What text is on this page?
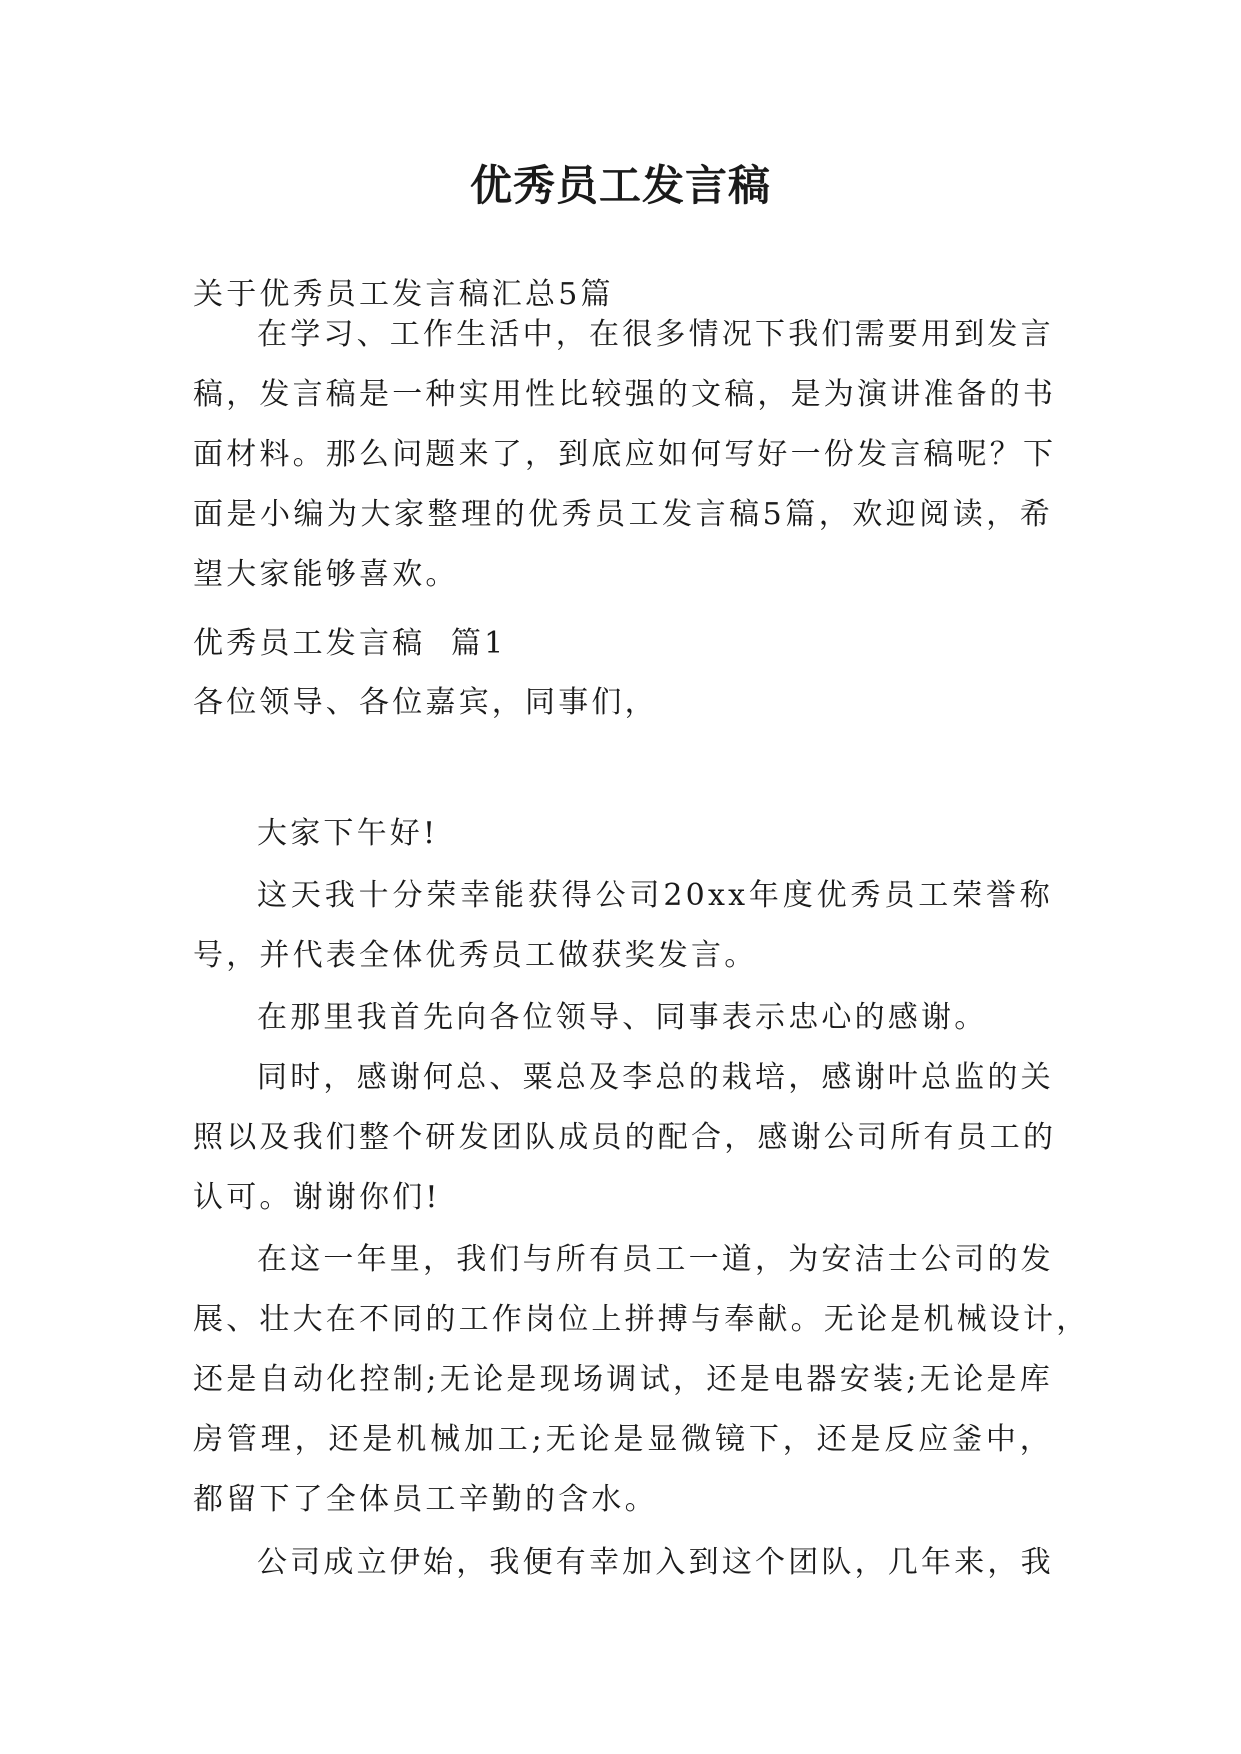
优秀员工发言稿
关于优秀员工发言稿汇总5篇
在学习、工作生活中，在很多情况下我们需要用到发言
稿，发言稿是一种实用性比较强的文稿，是为演讲准备的书
面材料。那么问题来了，到底应如何写好一份发言稿呢？下
面是小编为大家整理的优秀员工发言稿5篇，欢迎阅读，希
望大家能够喜欢。
优秀员工发言稿  篇1
各位领导、各位嘉宾，同事们，
大家下午好!
这天我十分荣幸能获得公司20xx年度优秀员工荣誉称
号，并代表全体优秀员工做获奖发言。
在那里我首先向各位领导、同事表示忠心的感谢。
同时，感谢何总、粟总及李总的栽培，感谢叶总监的关
照以及我们整个研发团队成员的配合，感谢公司所有员工的
认可。谢谢你们!
在这一年里，我们与所有员工一道，为安洁士公司的发
展、壮大在不同的工作岗位上拼搏与奉献。无论是机械设计，
还是自动化控制;无论是现场调试，还是电器安装;无论是库
房管理，还是机械加工;无论是显微镜下，还是反应釜中，
都留下了全体员工辛勤的含水。
公司成立伊始，我便有幸加入到这个团队，几年来，我
